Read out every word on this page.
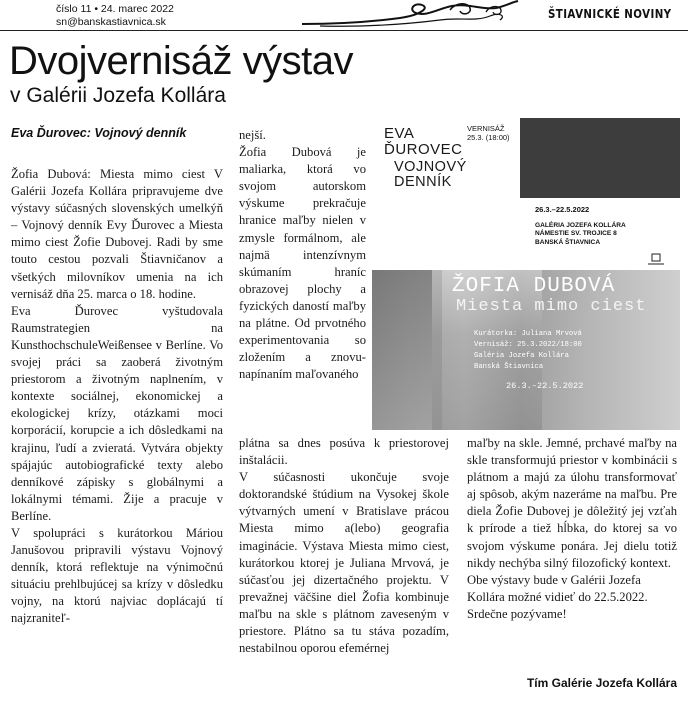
číslo 11 • 24. marec 2022
sn@banskastiavnica.sk
ŠTIAVNICKÉ NOVINY
Dvojvernisáž výstav
v Galérii Jozefa Kollára
Eva Ďurovec: Vojnový denník

Žofia Dubová: Miesta mimo ciest V Galérii Jozefa Kollára pripravujeme dve výstavy súčasných slovenských umelkýň – Vojnový denník Evy Ďurovec a Miesta mimo ciest Žofie Dubovej. Radi by sme touto cestou pozvali Štiavničanov a všetkých milovníkov umenia na ich vernisáž dňa 25. marca o 18. hodine.

Eva Ďurovec vyštudovala Raumstrategien na KunsthochschuleWeißensee v Berlíne. Vo svojej práci sa zaoberá životným priestorom a životným naplnením, v kontexte sociálnej, ekonomickej a ekologickej krízy, otázkami moci korporácií, korupcie a ich dôsledkami na krajinu, ľudí a zvieratá. Vytvára objekty spájajúc autobiografické texty alebo denníkové zápisky s globálnymi a lokálnymi témami. Žije a pracuje v Berlíne.

V spolupráci s kurátorkou Máriou Janušovou pripravili výstavu Vojnový denník, ktorá reflektuje na výnimočnú situáciu prehlbujúcej sa krízy v dôsledku vojny, na ktorú najviac doplácajú tí najzraniteľ-

nejší.

Žofia Dubová je maliarka, ktorá vo svojom autorskom výskume prekračuje hranice maľby nielen v zmysle formálnom, ale najmä intenzívnym skúmaním hraníc obrazovej plochy a fyzických daností maľby na plátne. Od prvotného experimentovania so zložením a znovu-napínaním maľovaného

EVA
ĎUROVEC
VOJNOVÝ
DENNÍK
VERNISÁŽ
25.3. (18:00)
26.3.–22.5.2022
GALÉRIA JOZEFA KOLLÁRA
NÁMESTIE SV. TROJICE 8
BANSKÁ ŠTIAVNICA
ŽOFIA DUBOVÁ
Miesta mimo ciest
Kurátorka: Juliana Mrvová
Vernisáž: 25.3.2022/18:00
Galéria Jozefa Kollára
Banská Štiavnica
26.3.–22.5.2022

plátna sa dnes posúva k priestorovej inštalácii.

V súčasnosti ukončuje svoje doktorandské štúdium na Vysokej škole výtvarných umení v Bratislave prácou Miesta mimo a(lebo) geografia imaginácie. Výstava Miesta mimo ciest, kurátorkou ktorej je Juliana Mrvová, je súčasťou jej dizertačného projektu. V prevažnej väčšine diel Žofia kombinuje maľbu na skle s plátnom zaveseným v priestore. Plátno sa tu stáva pozadím, nestabilnou oporou efemérnej

maľby na skle. Jemné, prchavé maľby na skle transformujú priestor v kombinácii s plátnom a majú za úlohu transformovať aj spôsob, akým nazeráme na maľbu. Pre diela Žofie Dubovej je dôležitý jej vzťah k prírode a tiež hĺbka, do ktorej sa vo svojom výskume ponára. Jej dielu totiž nikdy nechýba silný filozofický kontext.

Obe výstavy bude v Galérii Jozefa Kollára možné vidieť do 22.5.2022. Srdečne pozývame!

Tím Galérie Jozefa Kollára
